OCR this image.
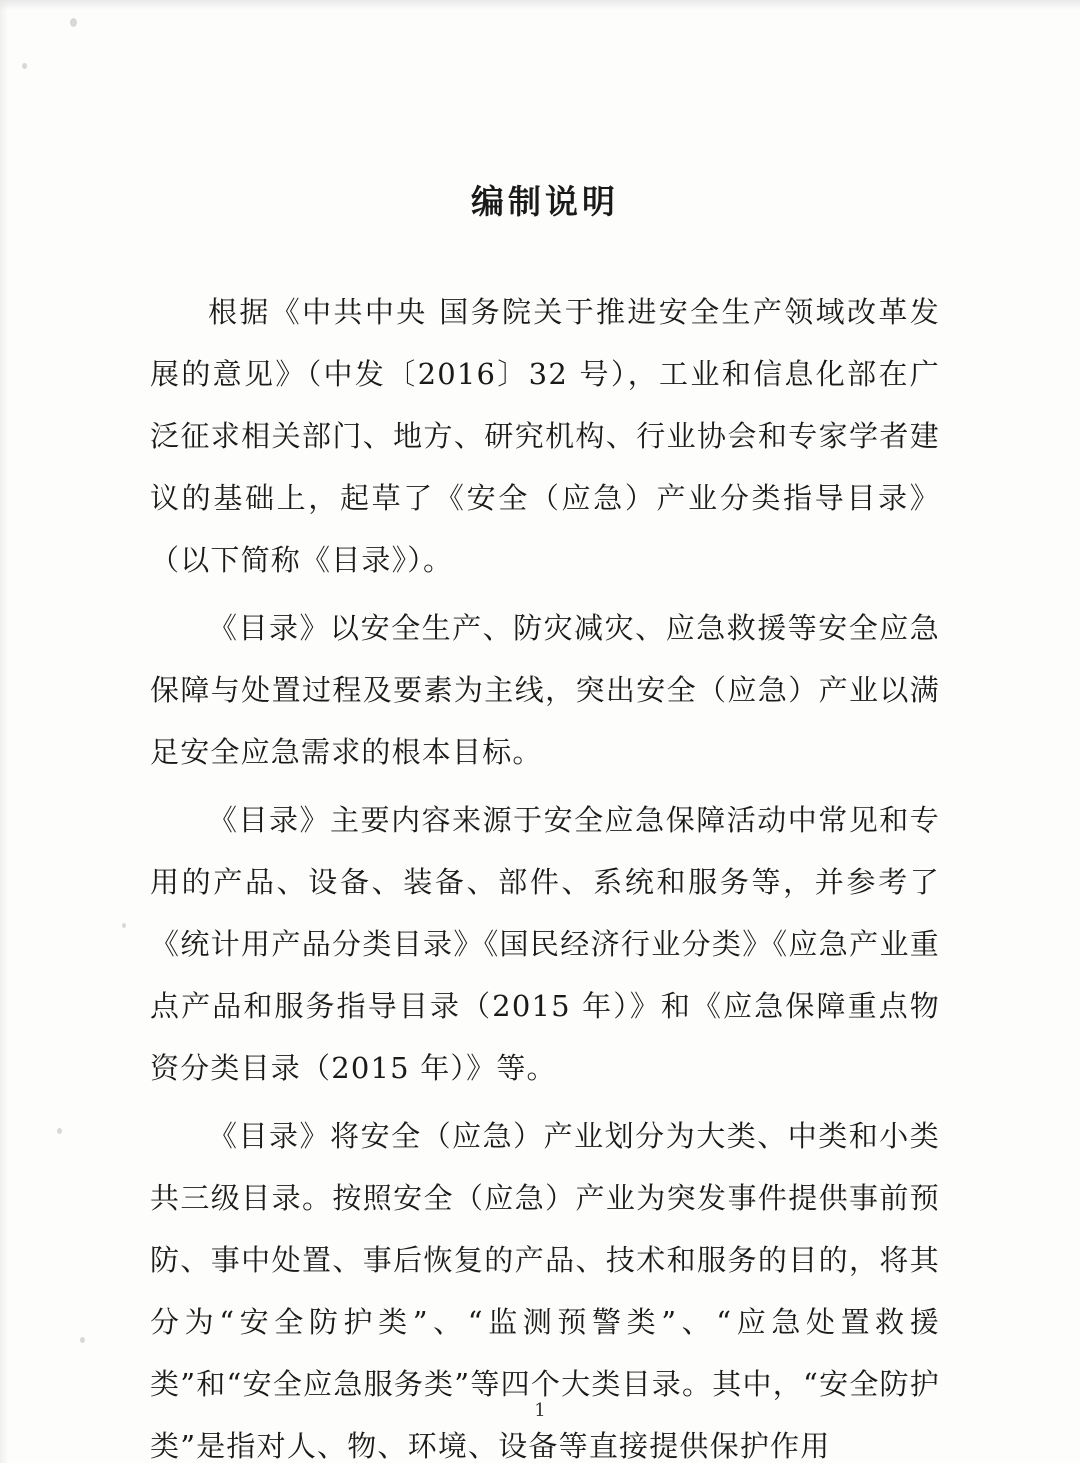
编制说明

根据《中共中央 国务院关于推进安全生产领域改革发展的意见》（中发〔2016〕32 号），工业和信息化部在广泛征求相关部门、地方、研究机构、行业协会和专家学者建议的基础上，起草了《安全（应急）产业分类指导目录》（以下简称《目录》）。

《目录》以安全生产、防灾减灾、应急救援等安全应急保障与处置过程及要素为主线，突出安全（应急）产业以满足安全应急需求的根本目标。

《目录》主要内容来源于安全应急保障活动中常见和专用的产品、设备、装备、部件、系统和服务等，并参考了《统计用产品分类目录》《国民经济行业分类》《应急产业重点产品和服务指导目录（2015 年）》和《应急保障重点物资分类目录（2015 年）》等。

《目录》将安全（应急）产业划分为大类、中类和小类共三级目录。按照安全（应急）产业为突发事件提供事前预防、事中处置、事后恢复的产品、技术和服务的目的，将其分为“安全防护类”、“监测预警类”、“应急处置救援类”和“安全应急服务类”等四个大类目录。其中，“安全防护类”是指对人、物、环境、设备等直接提供保护作用

1
